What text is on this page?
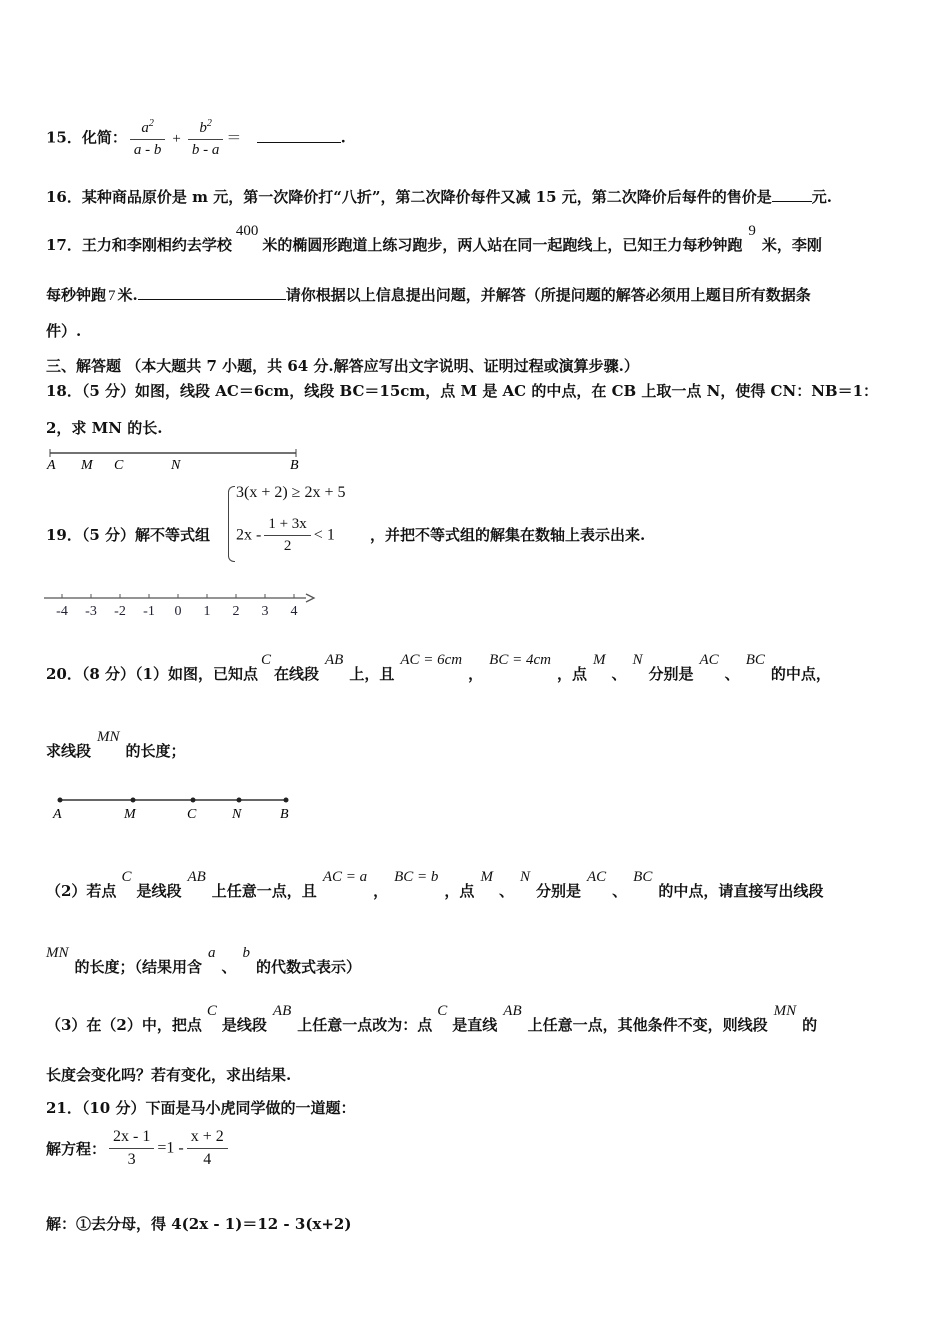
15．化简： $\frac{a^2}{a - b} + \frac{b^2}{b - a}$ ＝	.
16．某种商品原价是 m 元，第一次降价打“八折”，第二次降价每件又减 15 元，第二次降价后每件的售价是	元.
17．王力和李刚相约去学校400米的椭圆形跑道上练习跑步，两人站在同一起跑线上，已知王力每秒钟跑9米，李刚
每秒钟跑 7 米.	请你根据以上信息提出问题，并解答（所提问题的解答必须用上题目所有数据条
件）.
三、解答题 （本大题共 7 小题，共 64 分.解答应写出文字说明、证明过程或演算步骤.）
18．（5 分）如图，线段 AC＝6cm，线段 BC＝15cm，点 M 是 AC 的中点，在 CB 上取一点 N，使得 CN：NB＝1：
2，求 MN 的长.
A M C	N	B
19．（5 分）解不等式组
3(x + 2) ≥ 2x + 5
$2x - \frac{1 + 3x}{2} < 1$ ，并把不等式组的解集在数轴上表示出来.
-4 -3 -2 -1 0 1 2 3 4
20．（8 分）（1）如图，已知点C在线段AB上，且AC = 6cm，BC = 4cm，点M、N分别是AC、BC的中点，
求线段MN的长度；
A	M	C	N	B
（2）若点C是线段AB上任意一点，且AC = a，BC = b，点M、N分别是AC、BC的中点，请直接写出线段
MN的长度；（结果用含a、b的代数式表示）
（3）在（2）中，把点C是线段AB上任意一点改为：点C是直线AB上任意一点，其他条件不变，则线段MN的
长度会变化吗？若有变化，求出结果.
21．（10 分）下面是马小虎同学做的一道题：
解方程： $\frac{2x - 1}{3} =1 - \frac{x + 2}{4}$
解：①去分母，得 4(2x - 1)＝12 - 3(x+2)
